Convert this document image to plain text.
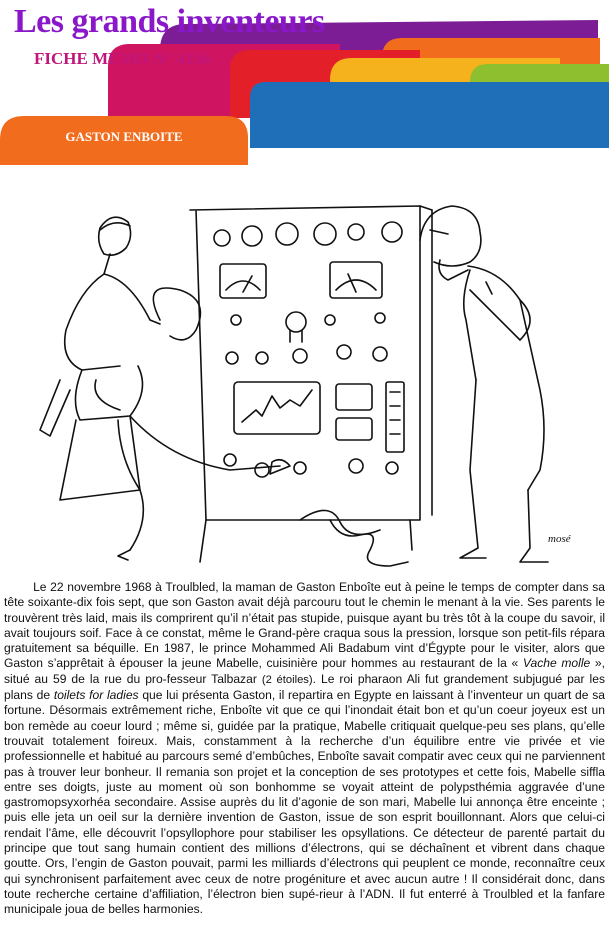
Les grands inventeurs
FICHE MEMO N° 4156
GASTON ENBOITE
mosé

Le 22 novembre 1968 à Troulbled, la maman de Gaston Enboîte eut à peine le temps de compter dans sa tête soixante-dix fois sept, que son Gaston avait déjà parcouru tout le chemin le menant à la vie. Ses parents le trouvèrent très laid, mais ils comprirent qu’il n’était pas stupide, puisque ayant bu très tôt à la coupe du savoir, il avait toujours soif. Face à ce constat, même le Grand-père craqua sous la pression, lorsque son petit-fils répara gratuitement sa béquille. En 1987, le prince Mohammed Ali Badabum vint d’Égypte pour le visiter, alors que Gaston s’apprêtait à épouser la jeune Mabelle, cuisinière pour hommes au restaurant de la « Vache molle », situé au 59 de la rue du pro-fesseur Talbazar (2 étoiles). Le roi pharaon Ali fut grandement subjugué par les plans de toilets for ladies que lui présenta Gaston, il repartira en Egypte en laissant à l’inventeur un quart de sa fortune. Désormais extrêmement riche, Enboîte vit que ce qui l’inondait était bon et qu’un coeur joyeux est un bon remède au coeur lourd ; même si, guidée par la pratique, Mabelle critiquait quelque-peu ses plans, qu’elle trouvait totalement foireux. Mais, constamment à la recherche d’un équilibre entre vie privée et vie professionnelle et habitué au parcours semé d’embûches, Enboîte savait compatir avec ceux qui ne parviennent pas à trouver leur bonheur. Il remania son projet et la conception de ses prototypes et cette fois, Mabelle siffla entre ses doigts, juste au moment où son bonhomme se voyait atteint de polypsthémia aggravée d’une gastromopsyxorhéa secondaire. Assise auprès du lit d’agonie de son mari, Mabelle lui annonça être enceinte ; puis elle jeta un oeil sur la dernière invention de Gaston, issue de son esprit bouillonnant. Alors que celui-ci rendait l’âme, elle découvrit l’opsyllophore pour stabiliser les opsyllations. Ce détecteur de parenté partait du principe que tout sang humain contient des millions d’électrons, qui se déchaînent et vibrent dans chaque goutte. Ors, l’engin de Gaston pouvait, parmi les milliards d’électrons qui peuplent ce monde, reconnaître ceux qui synchronisent parfaitement avec ceux de notre progéniture et avec aucun autre ! Il considérait donc, dans toute recherche certaine d’affiliation, l’électron bien supé-rieur à l’ADN. Il fut enterré à Troulbled et la fanfare municipale joua de belles harmonies.
